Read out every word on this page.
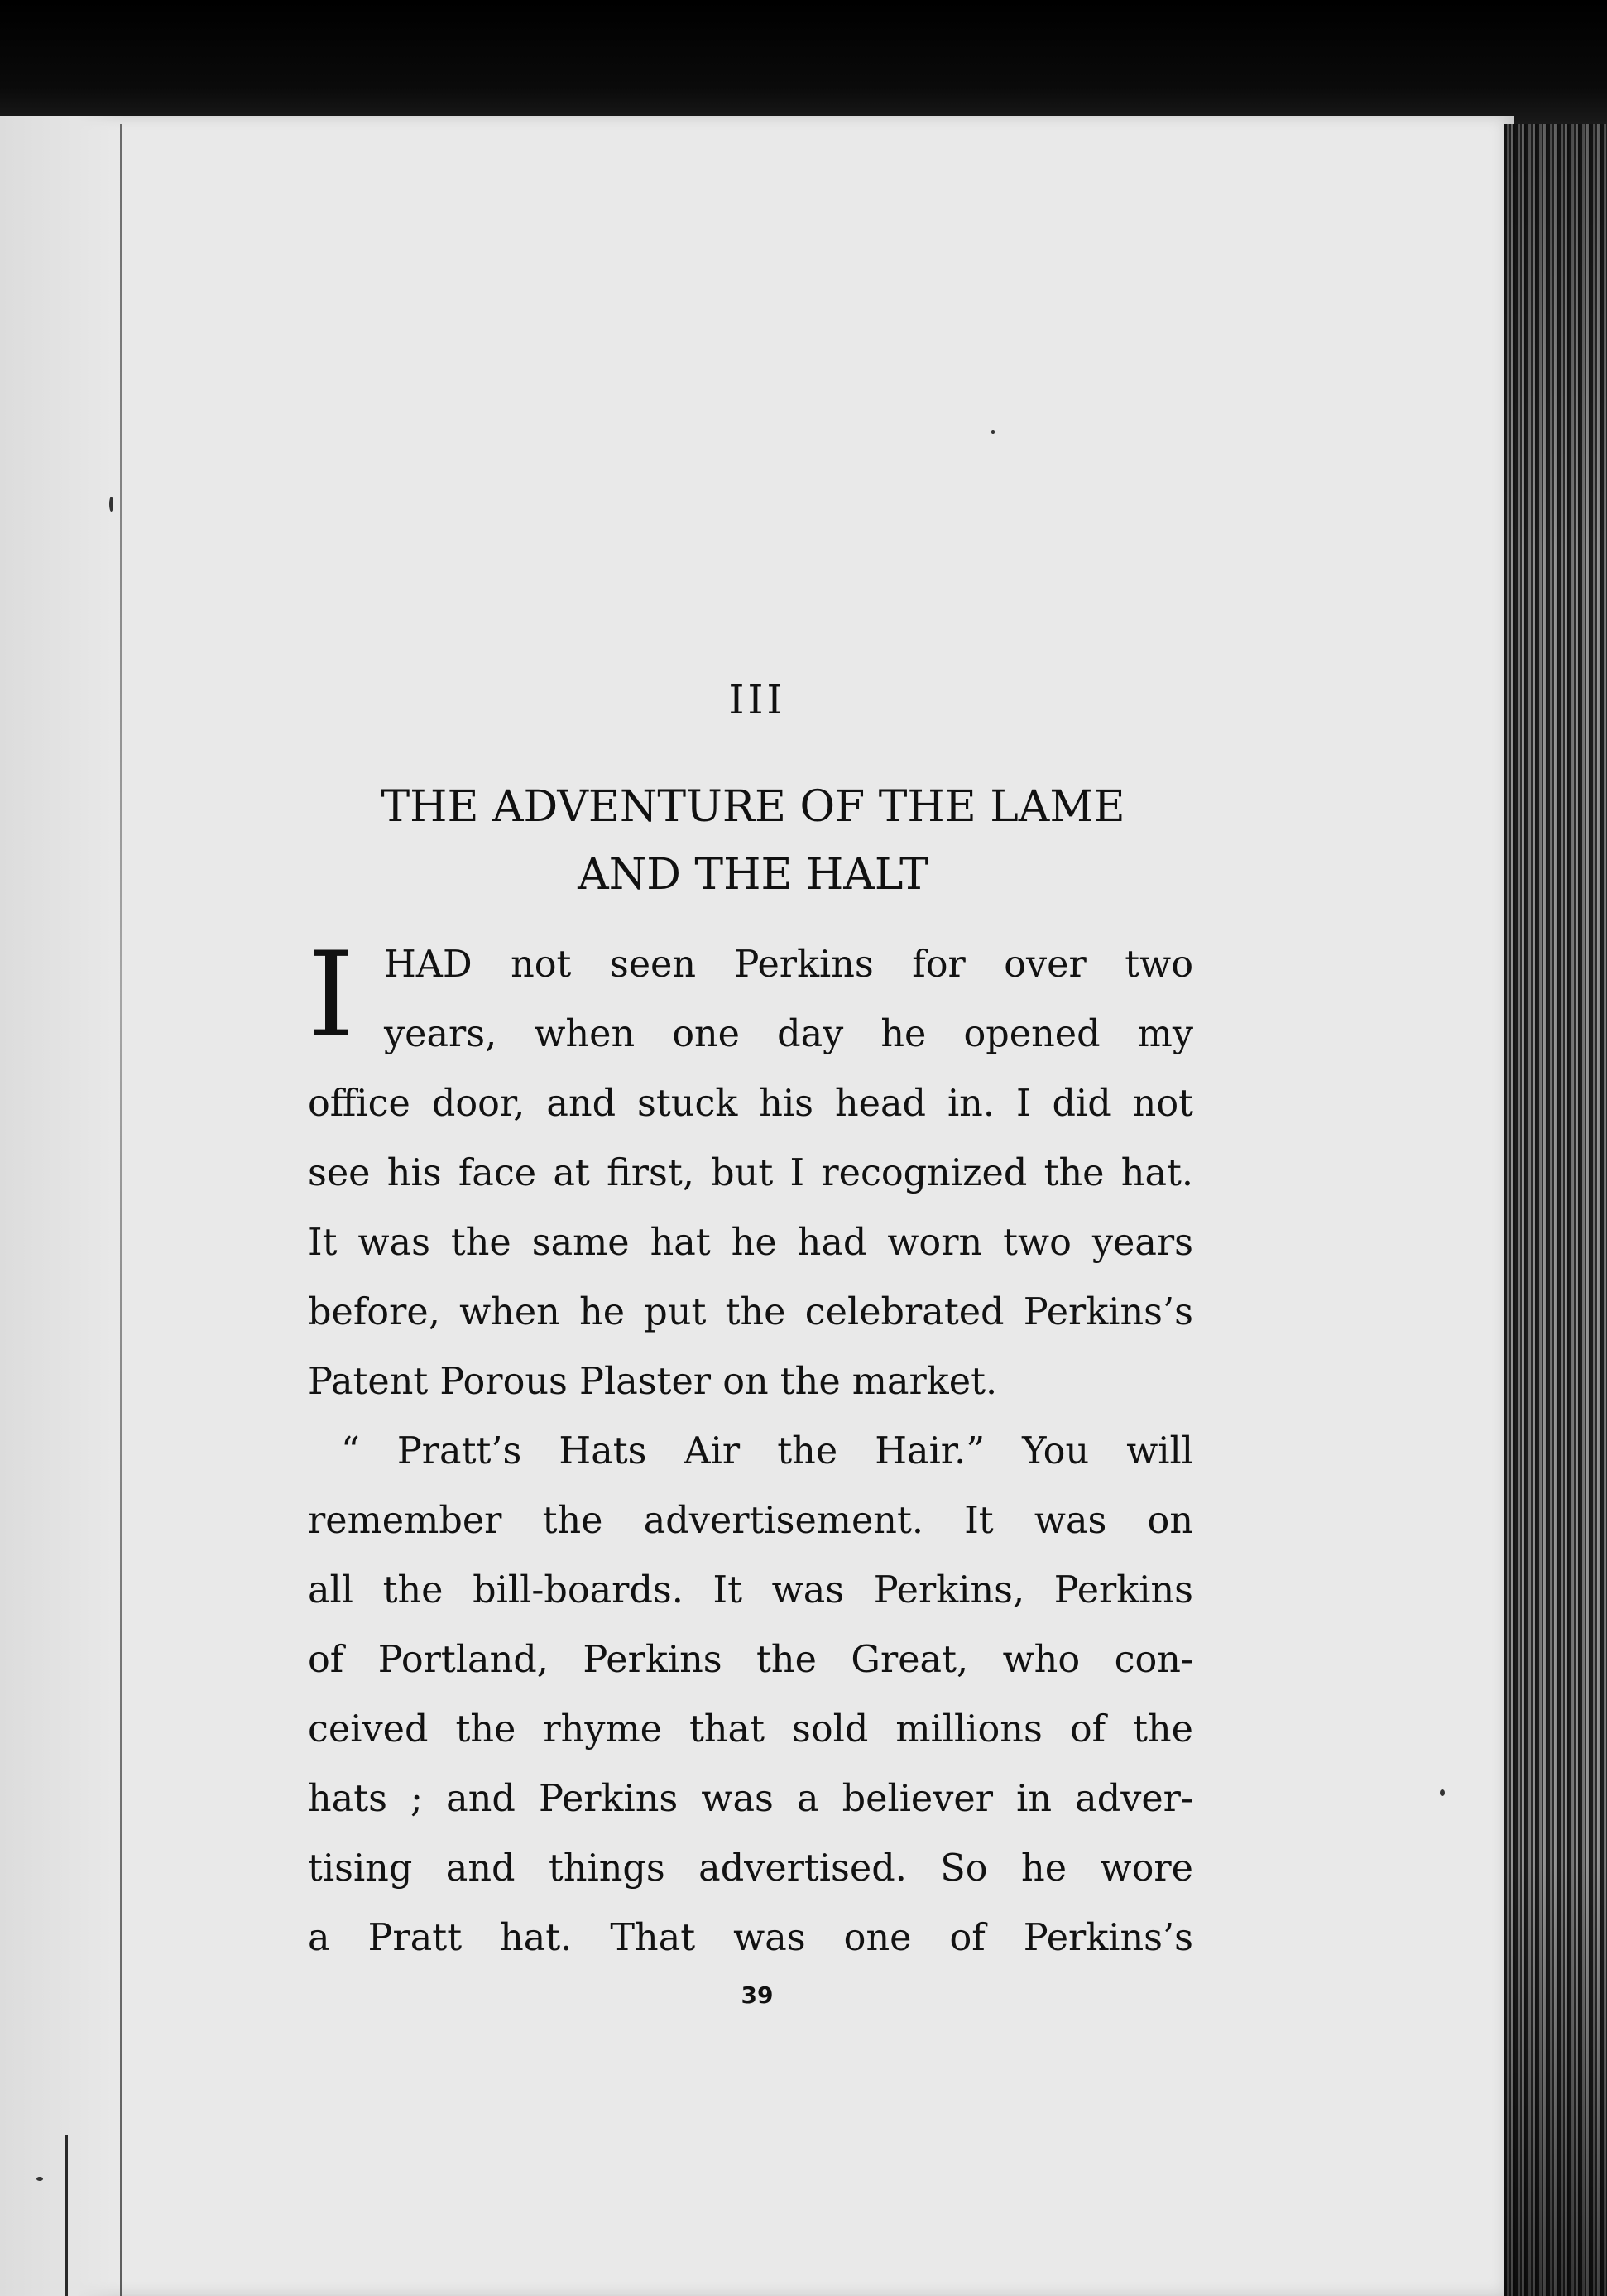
III
THE ADVENTURE OF THE LAME
AND THE HALT
I HAD not seen Perkins for over two
years, when one day he opened my
office door, and stuck his head in. I did not
see his face at first, but I recognized the hat.
It was the same hat he had worn two years
before, when he put the celebrated Perkins’s
Patent Porous Plaster on the market.
“ Pratt’s Hats Air the Hair.” You will
remember the advertisement. It was on
all the bill-boards. It was Perkins, Perkins
of Portland, Perkins the Great, who con-
ceived the rhyme that sold millions of the
hats ; and Perkins was a believer in adver-
tising and things advertised. So he wore
a Pratt hat. That was one of Perkins’s
39
